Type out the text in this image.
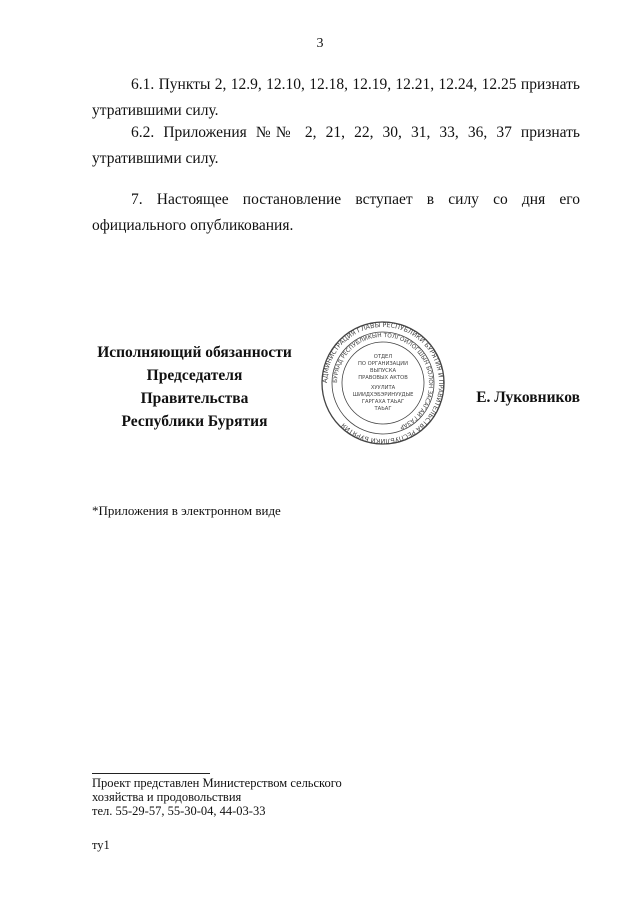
3

6.1. Пункты 2, 12.9, 12.10, 12.18, 12.19, 12.21, 12.24, 12.25 признать утратившими силу.

6.2. Приложения №№ 2, 21, 22, 30, 31, 33, 36, 37 признать утратившими силу.

7. Настоящее постановление вступает в силу со дня его официального опубликования.

Исполняющий обязанности
Председателя Правительства
Республики Бурятия
АДМИНИСТРАЦИЯ ГЛАВЫ РЕСПУБЛИКИ БУРЯТИЯ И ПРАВИТЕЛЬСТВА РЕСПУБЛИКИ БУРЯТИЯ
БУРЯАД РЕСПУБЛИКЫН ТОЛГОЙЛОГШЫН БОЛОН ЗАСАГАЙ ГАЗАР
ОТДЕЛ
ПО ОРГАНИЗАЦИИ
ВЫПУСКА
ПРАВОВЫХ АКТОВ
ХУУЛИТА
ШИИДХЭБЭРИНУУДЫЕ
ГАРГАХА ТАЬАГ
ТАЬАГ
Е. Луковников
*Приложения в электронном виде
Проект представлен Министерством сельского
хозяйства и продовольствия
тел. 55-29-57, 55-30-04, 44-03-33
ту1
